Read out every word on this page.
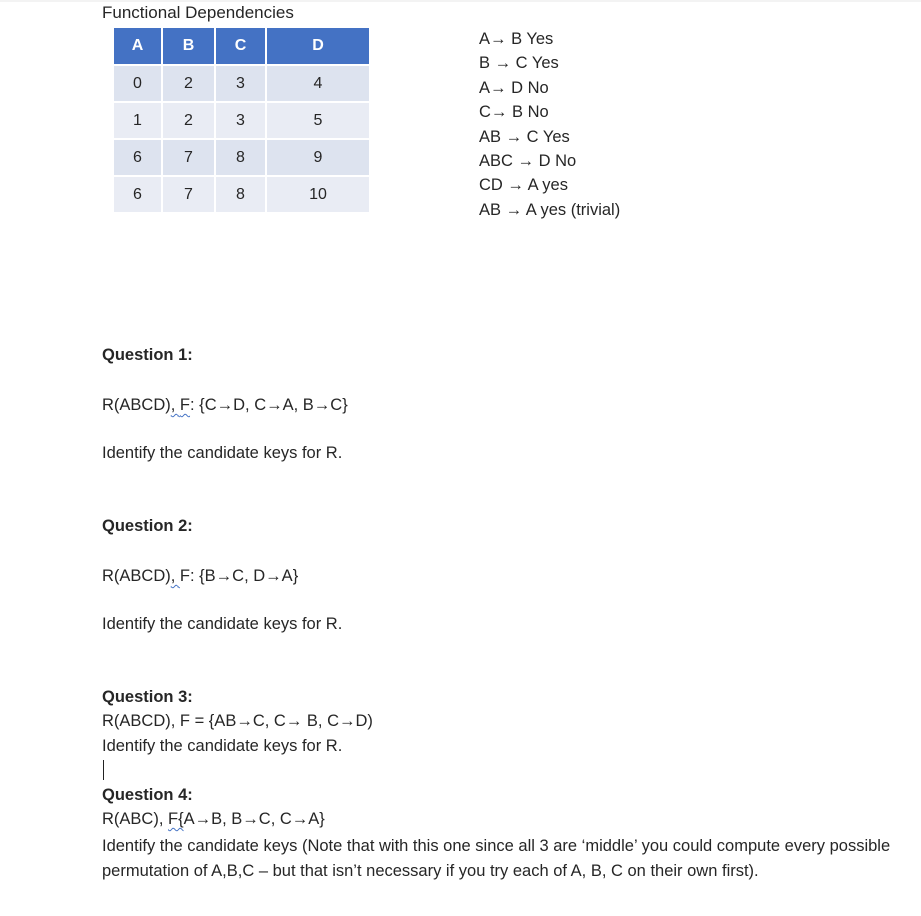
Functional Dependencies
A	B	C	D
0	2	3	4
1	2	3	5
6	7	8	9
6	7	8	10
A→ B Yes
B → C Yes
A→ D No
C→ B No
AB → C Yes
ABC → D No
CD → A yes
AB → A yes (trivial)
Question 1:
R(ABCD), F: {C→D, C→A, B→C}
Identify the candidate keys for R.
Question 2:
R(ABCD), F: {B→C, D→A}
Identify the candidate keys for R.
Question 3:
R(ABCD), F = {AB→C, C→ B, C→D)
Identify the candidate keys for R.
Question 4:
R(ABC), F{A→B, B→C, C→A}
Identify the candidate keys (Note that with this one since all 3 are ‘middle’ you could compute every possible permutation of A,B,C – but that isn’t necessary if you try each of A, B, C on their own first).
